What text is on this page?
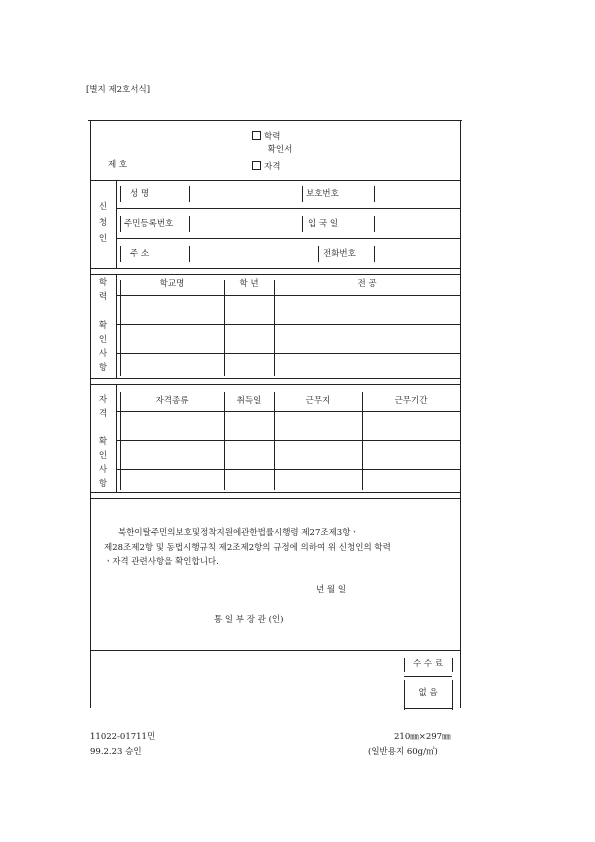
[별지 제2호서식]
학력
확인서
제 호	자격
신
청
인
성 명	보호번호
주민등록번호	입 국 일
주 소	전화번호
학
력
확
인
사
항
학교명	학 년	전 공
자
격
확
인
사
항
자격종류	취득일	근무지	근무기간
북한이탈주민의보호및정착지원에관한법률시행령 제27조제3항ㆍ
제28조제2항 및 동법시행규칙 제2조제2항의 규정에 의하여 위 신청인의 학력
ㆍ자격 관련사항을 확인합니다.
년 월 일
통 일 부 장 관 (인)
수 수 료
없 음
11022-01711민
99.2.23 승인
210㎜×297㎜
(일반용지 60g/㎡)
